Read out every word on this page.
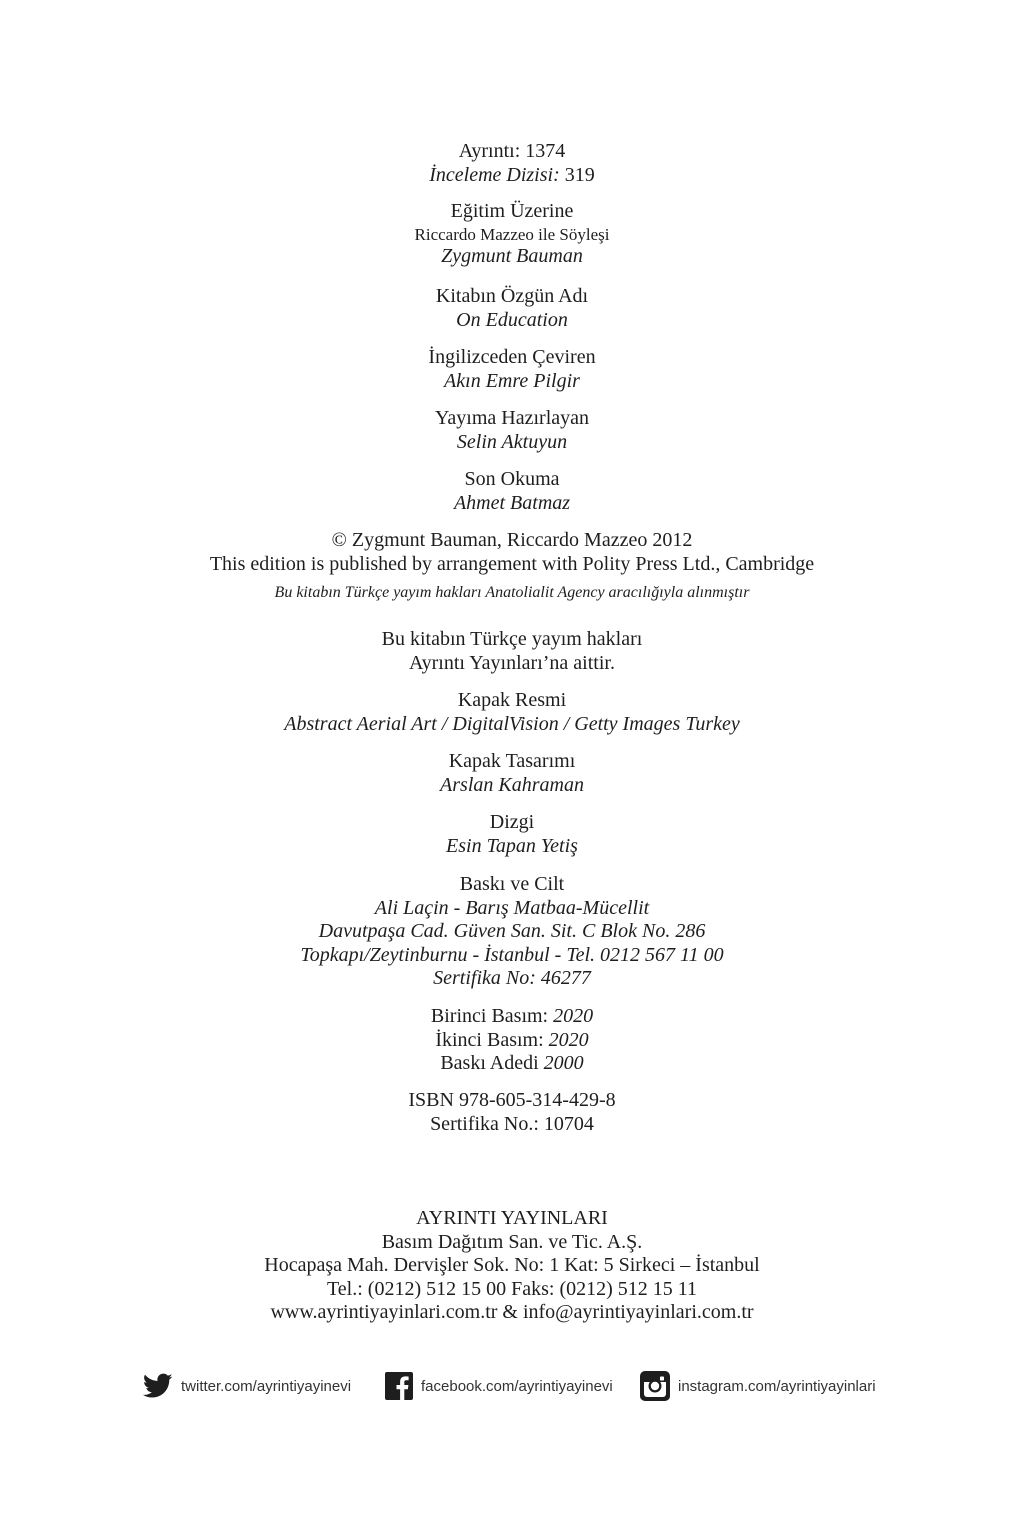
Ayrıntı: 1374
İnceleme Dizisi: 319
Eğitim Üzerine
Riccardo Mazzeo ile Söyleşi
Zygmunt Bauman
Kitabın Özgün Adı
On Education
İngilizceden Çeviren
Akın Emre Pilgir
Yayıma Hazırlayan
Selin Aktuyun
Son Okuma
Ahmet Batmaz
© Zygmunt Bauman, Riccardo Mazzeo 2012
This edition is published by arrangement with Polity Press Ltd., Cambridge
Bu kitabın Türkçe yayım hakları Anatolialit Agency aracılığıyla alınmıştır
Bu kitabın Türkçe yayım hakları
Ayrıntı Yayınları’na aittir.
Kapak Resmi
Abstract Aerial Art / DigitalVision / Getty Images Turkey
Kapak Tasarımı
Arslan Kahraman
Dizgi
Esin Tapan Yetiş
Baskı ve Cilt
Ali Laçin - Barış Matbaa-Mücellit
Davutpaşa Cad. Güven San. Sit. C Blok No. 286
Topkapı/Zeytinburnu - İstanbul - Tel. 0212 567 11 00
Sertifika No: 46277
Birinci Basım: 2020
İkinci Basım: 2020
Baskı Adedi 2000
ISBN 978-605-314-429-8
Sertifika No.: 10704
AYRINTI YAYINLARI
Basım Dağıtım San. ve Tic. A.Ş.
Hocapaşa Mah. Dervişler Sok. No: 1 Kat: 5 Sirkeci – İstanbul
Tel.: (0212) 512 15 00 Faks: (0212) 512 15 11
www.ayrintiyayinlari.com.tr & info@ayrintiyayinlari.com.tr
twitter.com/ayrintiyayinevi	facebook.com/ayrintiyayinevi	instagram.com/ayrintiyayinlari
